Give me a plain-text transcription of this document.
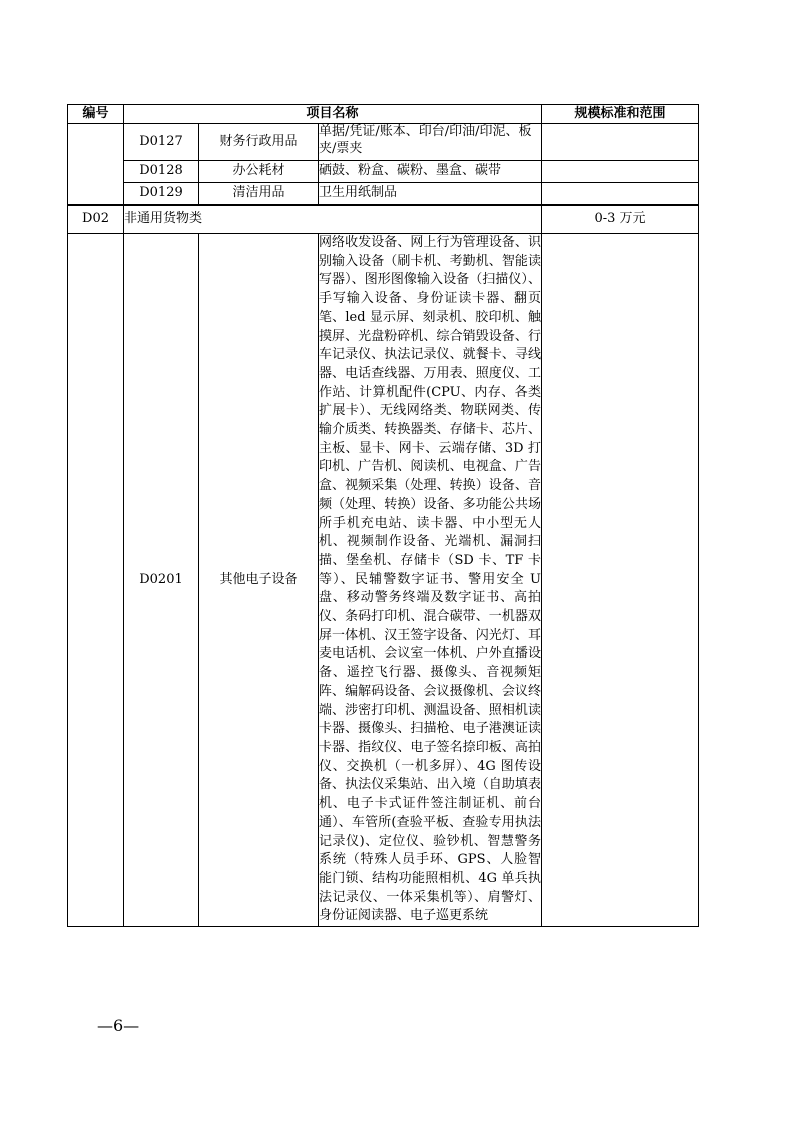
编号	项目名称			规模标准和范围
	D0127	财务行政用品	单据/凭证/账本、印台/印油/印泥、板夹/票夹	
	D0128	办公耗材	硒鼓、粉盒、碳粉、墨盒、碳带	
	D0129	清洁用品	卫生用纸制品	
D02	非通用货物类			0-3 万元
	D0201	其他电子设备	网络收发设备、网上行为管理设备、识别输入设备（刷卡机、考勤机、智能读写器）、图形图像输入设备（扫描仪）、手写输入设备、身份证读卡器、翻页笔、led 显示屏、刻录机、胶印机、触摸屏、光盘粉碎机、综合销毁设备、行车记录仪、执法记录仪、就餐卡、寻线器、电话查线器、万用表、照度仪、工作站、计算机配件(CPU、内存、各类扩展卡）、无线网络类、物联网类、传输介质类、转换器类、存储卡、芯片、主板、显卡、网卡、云端存储、3D 打印机、广告机、阅读机、电视盒、广告盒、视频采集（处理、转换）设备、音频（处理、转换）设备、多功能公共场所手机充电站、读卡器、中小型无人机、视频制作设备、光端机、漏洞扫描、堡垒机、存储卡（SD 卡、TF 卡等）、民辅警数字证书、警用安全 U 盘、移动警务终端及数字证书、高拍仪、条码打印机、混合碳带、一机器双屏一体机、汉王签字设备、闪光灯、耳麦电话机、会议室一体机、户外直播设备、遥控飞行器、摄像头、音视频矩阵、编解码设备、会议摄像机、会议终端、涉密打印机、测温设备、照相机读卡器、摄像头、扫描枪、电子港澳证读卡器、指纹仪、电子签名捺印板、高拍仪、交换机（一机多屏）、4G 图传设备、执法仪采集站、出入境（自助填表机、电子卡式证件签注制证机、前台通）、车管所(查验平板、查验专用执法记录仪)、定位仪、验钞机、智慧警务系统（特殊人员手环、GPS、人脸智能门锁、结构功能照相机、4G 单兵执法记录仪、一体采集机等）、肩警灯、身份证阅读器、电子巡更系统	
—6—
